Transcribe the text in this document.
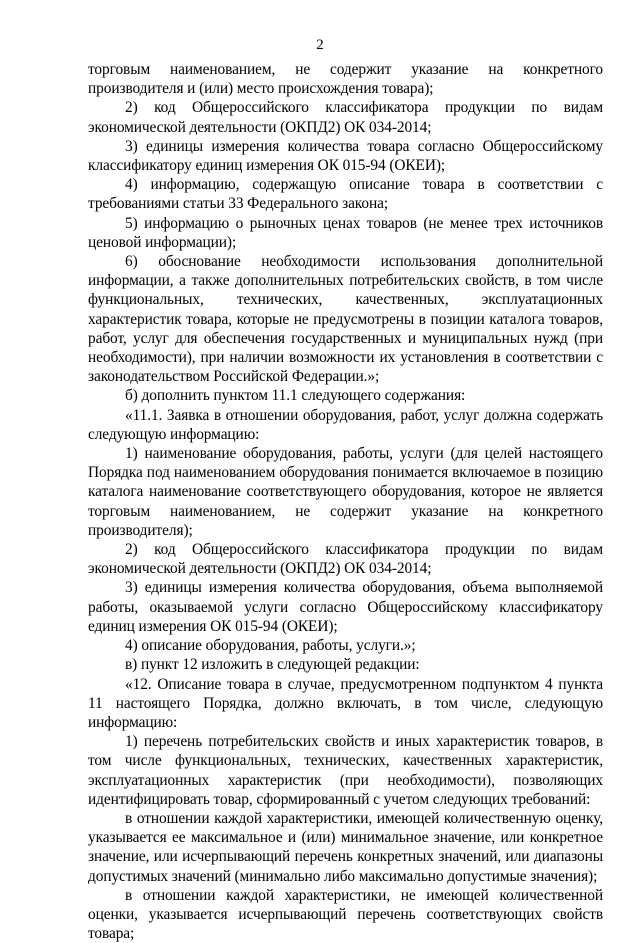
2

торговым наименованием, не содержит указание на конкретного производителя и (или) место происхождения товара);

2) код Общероссийского классификатора продукции по видам экономической деятельности (ОКПД2) ОК 034-2014;

3) единицы измерения количества товара согласно Общероссийскому классификатору единиц измерения ОК 015-94 (ОКЕИ);

4) информацию, содержащую описание товара в соответствии с требованиями статьи 33 Федерального закона;

5) информацию о рыночных ценах товаров (не менее трех источников ценовой информации);

6) обоснование необходимости использования дополнительной информации, а также дополнительных потребительских свойств, в том числе функциональных, технических, качественных, эксплуатационных характеристик товара, которые не предусмотрены в позиции каталога товаров, работ, услуг для обеспечения государственных и муниципальных нужд (при необходимости), при наличии возможности их установления в соответствии с законодательством Российской Федерации.»;

б) дополнить пунктом 11.1 следующего содержания:

«11.1. Заявка в отношении оборудования, работ, услуг должна содержать следующую информацию:

1) наименование оборудования, работы, услуги (для целей настоящего Порядка под наименованием оборудования понимается включаемое в позицию каталога наименование соответствующего оборудования, которое не является торговым наименованием, не содержит указание на конкретного производителя);

2) код Общероссийского классификатора продукции по видам экономической деятельности (ОКПД2) ОК 034-2014;

3) единицы измерения количества оборудования, объема выполняемой работы, оказываемой услуги согласно Общероссийскому классификатору единиц измерения ОК 015-94 (ОКЕИ);

4) описание оборудования, работы, услуги.»;

в) пункт 12 изложить в следующей редакции:

«12. Описание товара в случае, предусмотренном подпунктом 4 пункта 11 настоящего Порядка, должно включать, в том числе, следующую информацию:

1) перечень потребительских свойств и иных характеристик товаров, в том числе функциональных, технических, качественных характеристик, эксплуатационных характеристик (при необходимости), позволяющих идентифицировать товар, сформированный с учетом следующих требований:

в отношении каждой характеристики, имеющей количественную оценку, указывается ее максимальное и (или) минимальное значение, или конкретное значение, или исчерпывающий перечень конкретных значений, или диапазоны допустимых значений (минимально либо максимально допустимые значения);

в отношении каждой характеристики, не имеющей количественной оценки, указывается исчерпывающий перечень соответствующих свойств товара;
